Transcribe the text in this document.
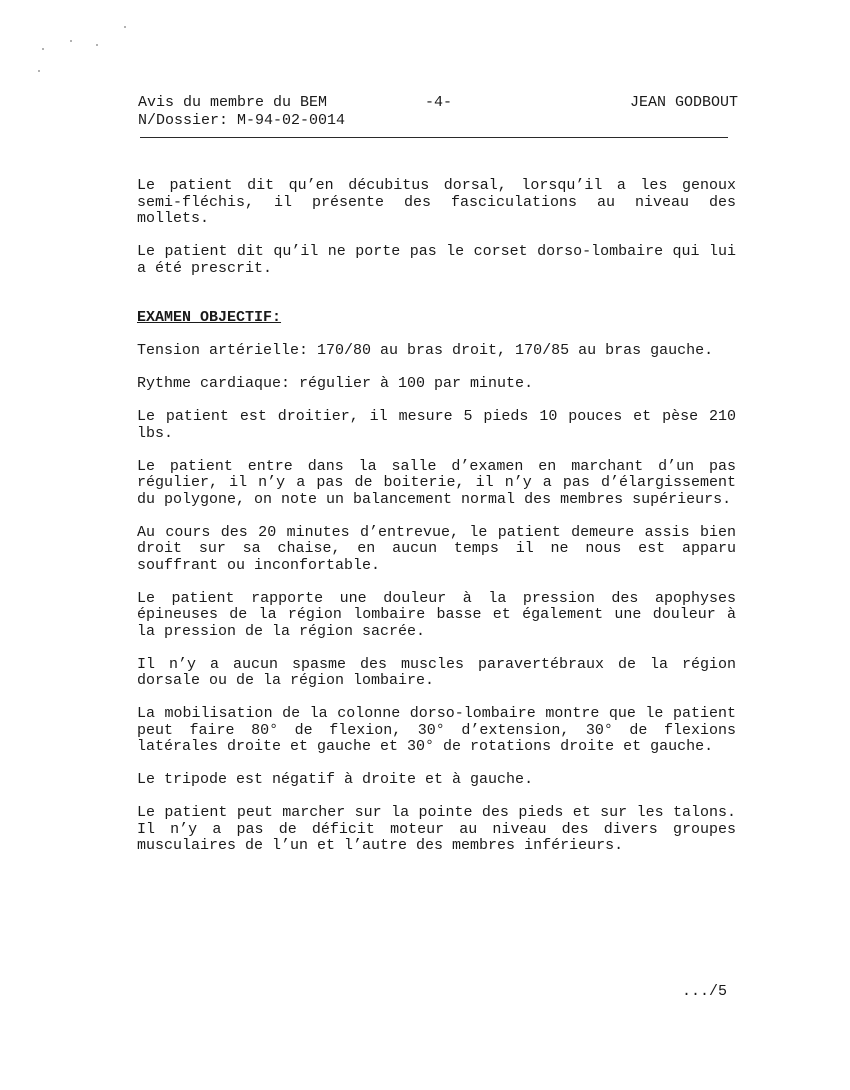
Avis du membre du BEM	-4-	JEAN GODBOUT
N/Dossier: M-94-02-0014

Le patient dit qu’en décubitus dorsal, lorsqu’il a les genoux semi-fléchis, il présente des fasciculations au niveau des mollets.

Le patient dit qu’il ne porte pas le corset dorso-lombaire qui lui a été prescrit.

EXAMEN OBJECTIF:

Tension artérielle: 170/80 au bras droit, 170/85 au bras gauche.

Rythme cardiaque: régulier à 100 par minute.

Le patient est droitier, il mesure 5 pieds 10 pouces et pèse 210 lbs.

Le patient entre dans la salle d’examen en marchant d’un pas régulier, il n’y a pas de boiterie, il n’y a pas d’élargissement du polygone, on note un balancement normal des membres supérieurs.

Au cours des 20 minutes d’entrevue, le patient demeure assis bien droit sur sa chaise, en aucun temps il ne nous est apparu souffrant ou inconfortable.

Le patient rapporte une douleur à la pression des apophyses épineuses de la région lombaire basse et également une douleur à la pression de la région sacrée.

Il n’y a aucun spasme des muscles paravertébraux de la région dorsale ou de la région lombaire.

La mobilisation de la colonne dorso-lombaire montre que le patient peut faire 80° de flexion, 30° d’extension, 30° de flexions latérales droite et gauche et 30° de rotations droite et gauche.

Le tripode est négatif à droite et à gauche.

Le patient peut marcher sur la pointe des pieds et sur les talons. Il n’y a pas de déficit moteur au niveau des divers groupes musculaires de l’un et l’autre des membres inférieurs.

.../5
